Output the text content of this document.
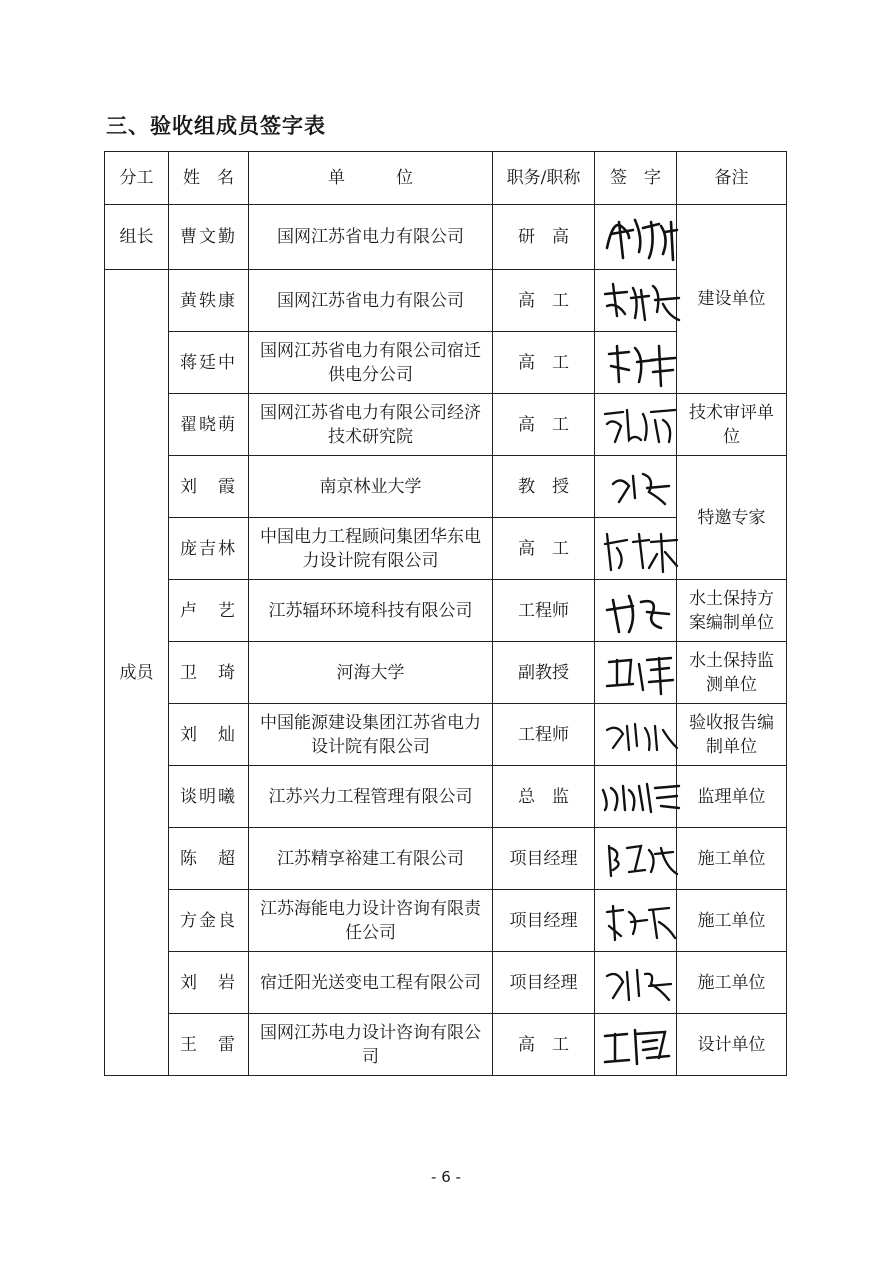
三、验收组成员签字表
分工	姓　名	单　　　位	职务/职称	签　字	备注
组长	曹文勤	国网江苏省电力有限公司	研　高		建设单位
成员	黄轶康	国网江苏省电力有限公司	高　工	

	蒋廷中	国网江苏省电力有限公司宿迁供电分公司	高　工	

	翟晓萌	国网江苏省电力有限公司经济技术研究院	高　工		技术审评单位
	刘　霞	南京林业大学	教　授		特邀专家
	庞吉林	中国电力工程顾问集团华东电力设计院有限公司	高　工	

	卢　艺	江苏辐环环境科技有限公司	工程师		水土保持方案编制单位
	卫　琦	河海大学	副教授		水土保持监测单位
	刘　灿	中国能源建设集团江苏省电力设计院有限公司	工程师		验收报告编制单位
	谈明曦	江苏兴力工程管理有限公司	总　监		监理单位
	陈　超	江苏精享裕建工有限公司	项目经理		施工单位
	方金良	江苏海能电力设计咨询有限责任公司	项目经理		施工单位
	刘　岩	宿迁阳光送变电工程有限公司	项目经理		施工单位
	王　雷	国网江苏电力设计咨询有限公司	高　工		设计单位
- 6 -
